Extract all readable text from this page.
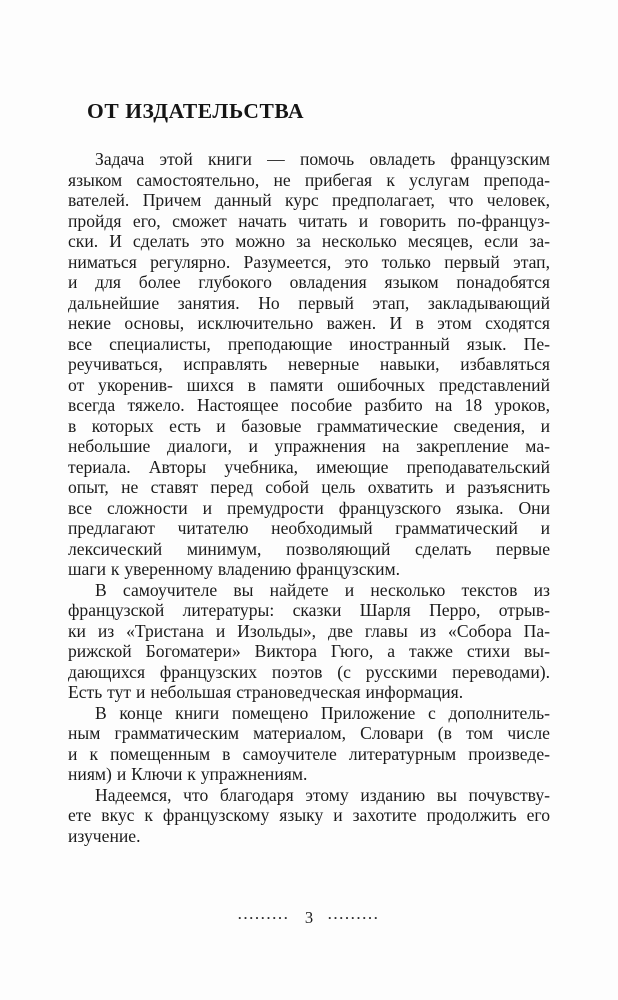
ОТ ИЗДАТЕЛЬСТВА
Задача этой книги — помочь овладеть французским
языком самостоятельно, не прибегая к услугам препода-
вателей. Причем данный курс предполагает, что человек,
пройдя его, сможет начать читать и говорить по-француз-
ски. И сделать это можно за несколько месяцев, если за-
ниматься регулярно. Разумеется, это только первый этап,
и для более глубокого овладения языком понадобятся
дальнейшие занятия. Но первый этап, закладывающий
некие основы, исключительно важен. И в этом сходятся
все специалисты, преподающие иностранный язык. Пе-
реучиваться, исправлять неверные навыки, избавляться
от укоренив- шихся в памяти ошибочных представлений
всегда тяжело. Настоящее пособие разбито на 18 уроков,
в которых есть и базовые грамматические сведения, и
небольшие диалоги, и упражнения на закрепление ма-
териала. Авторы учебника, имеющие преподавательский
опыт, не ставят перед собой цель охватить и разъяснить
все сложности и премудрости французского языка. Они
предлагают читателю необходимый грамматический и
лексический минимум, позволяющий сделать первые
шаги к уверенному владению французским.
В самоучителе вы найдете и несколько текстов из
французской литературы: сказки Шарля Перро, отрыв-
ки из «Тристана и Изольды», две главы из «Собора Па-
рижской Богоматери» Виктора Гюго, а также стихи вы-
дающихся французских поэтов (с русскими переводами).
Есть тут и небольшая страноведческая информация.
В конце книги помещено Приложение с дополнитель-
ным грамматическим материалом, Словари (в том числе
и к помещенным в самоучителе литературным произведе-
ниям) и Ключи к упражнениям.
Надеемся, что благодаря этому изданию вы почувству-
ете вкус к французскому языку и захотите продолжить его
изучение.
......... 3 .........
